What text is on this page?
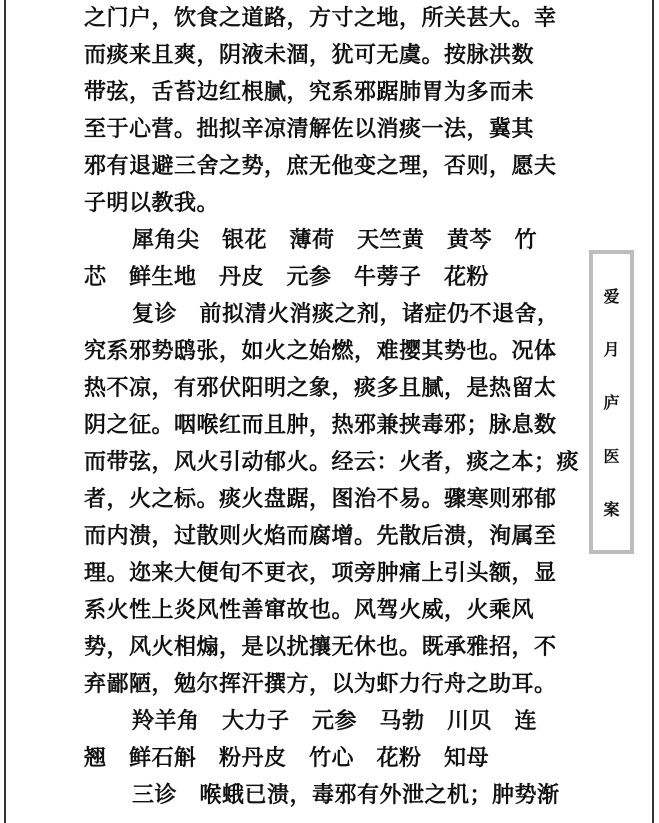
之门户，饮食之道路，方寸之地，所关甚大。幸
而痰来且爽，阴液未涸，犹可无虞。按脉洪数
带弦，舌苔边红根腻，究系邪踞肺胃为多而未
至于心营。拙拟辛凉清解佐以消痰一法，冀其
邪有退避三舍之势，庶无他变之理，否则，愿夫
子明以教我。
犀角尖　银花　薄荷　天竺黄　黄芩　竹
芯　鲜生地　丹皮　元参　牛蒡子　花粉
复诊　前拟清火消痰之剂，诸症仍不退舍，
究系邪势鸱张，如火之始燃，难撄其势也。况体
热不凉，有邪伏阳明之象，痰多且腻，是热留太
阴之征。咽喉红而且肿，热邪兼挟毒邪；脉息数
而带弦，风火引动郁火。经云：火者，痰之本；痰
者，火之标。痰火盘踞，图治不易。骤寒则邪郁
而内溃，过散则火焰而腐增。先散后溃，洵属至
理。迩来大便旬不更衣，项旁肿痛上引头额，显
系火性上炎风性善窜故也。风驾火威，火乘风
势，风火相煽，是以扰攘无休也。既承雅招，不
弃鄙陋，勉尔挥汗撰方，以为虾力行舟之助耳。
羚羊角　大力子　元参　马勃　川贝　连
翘　鲜石斛　粉丹皮　竹心　花粉　知母
三诊　喉蛾已溃，毒邪有外泄之机；肿势渐
爱
月
庐
医
案
